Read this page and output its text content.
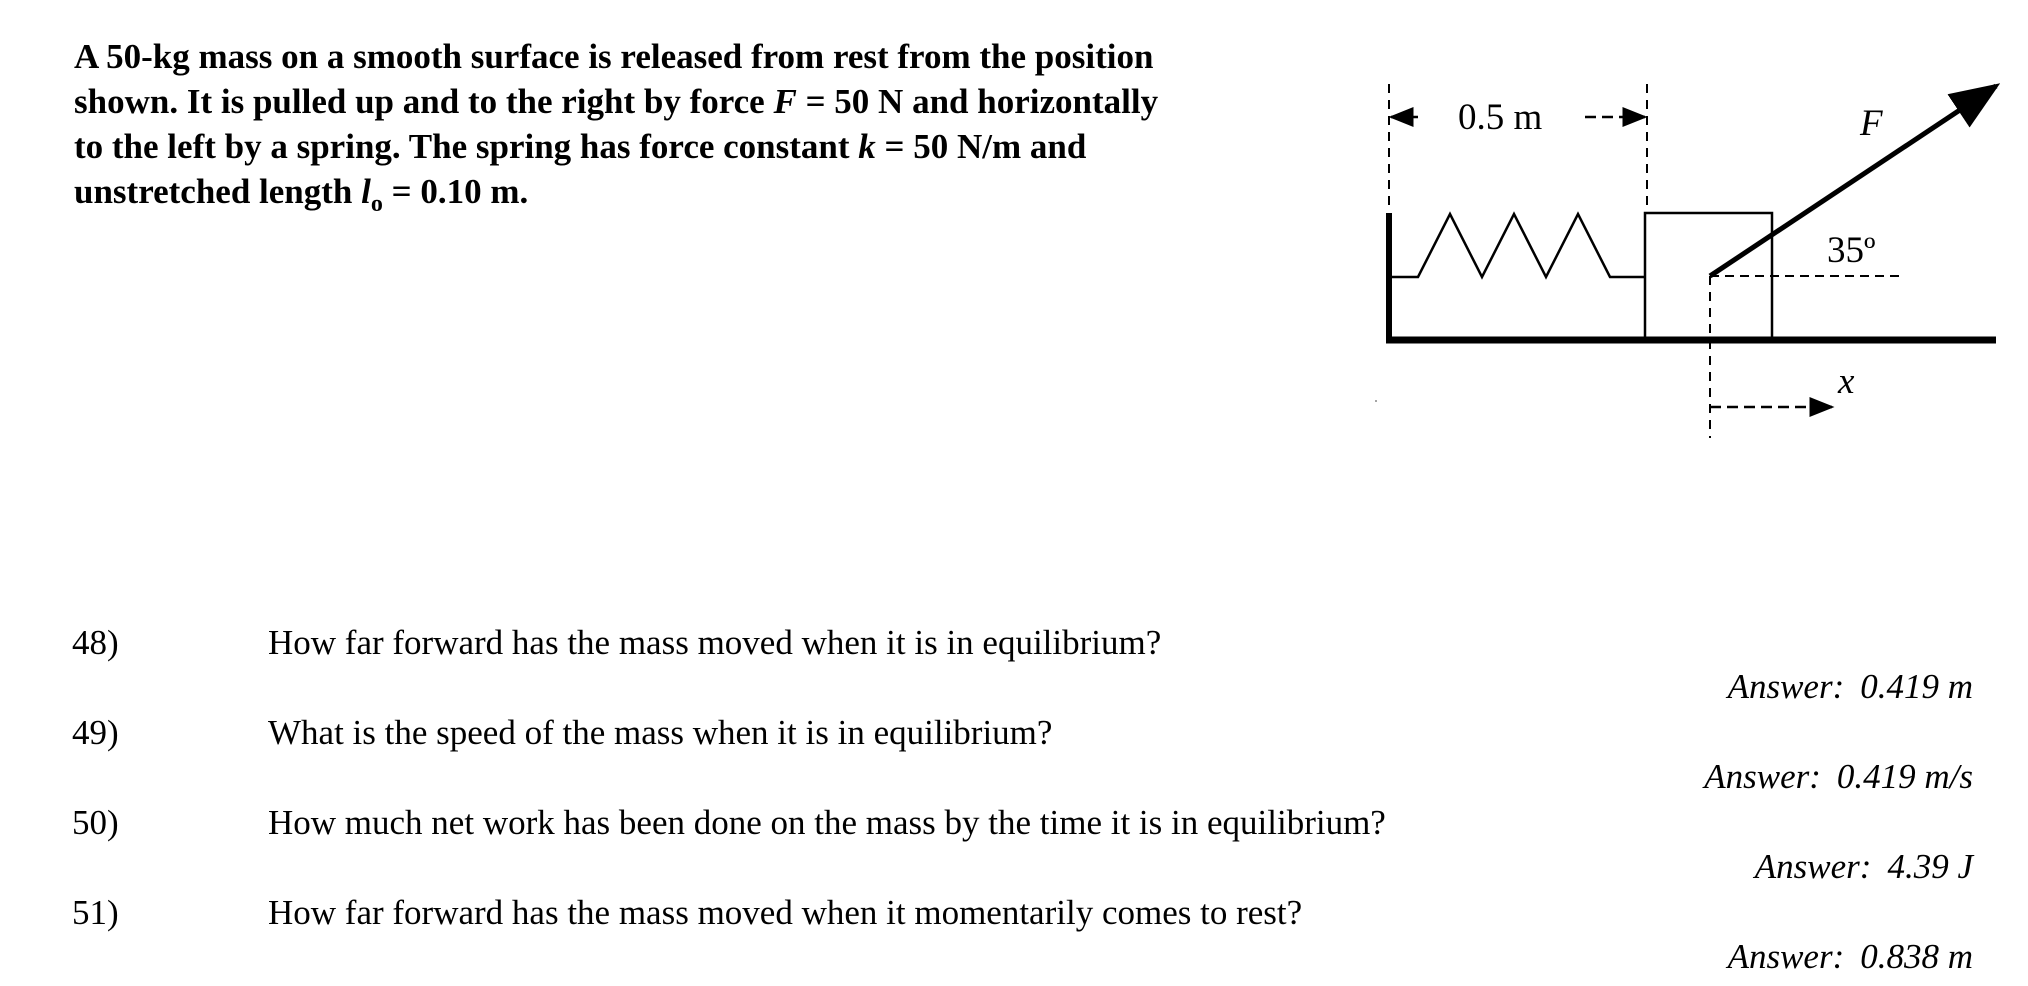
A 50-kg mass on a smooth surface is released from rest from the position shown. It is pulled up and to the right by force F = 50 N and horizontally to the left by a spring. The spring has force constant k = 50 N/m and unstretched length $l_o = 0.10$ m.

0.5 m
35º
F
x
48)	How far forward has the mass moved when it is in equilibrium?
Answer: 0.419 m
49)	What is the speed of the mass when it is in equilibrium?
Answer: 0.419 m/s
50)	How much net work has been done on the mass by the time it is in equilibrium?
Answer: 4.39 J
51)	How far forward has the mass moved when it momentarily comes to rest?
Answer: 0.838 m
